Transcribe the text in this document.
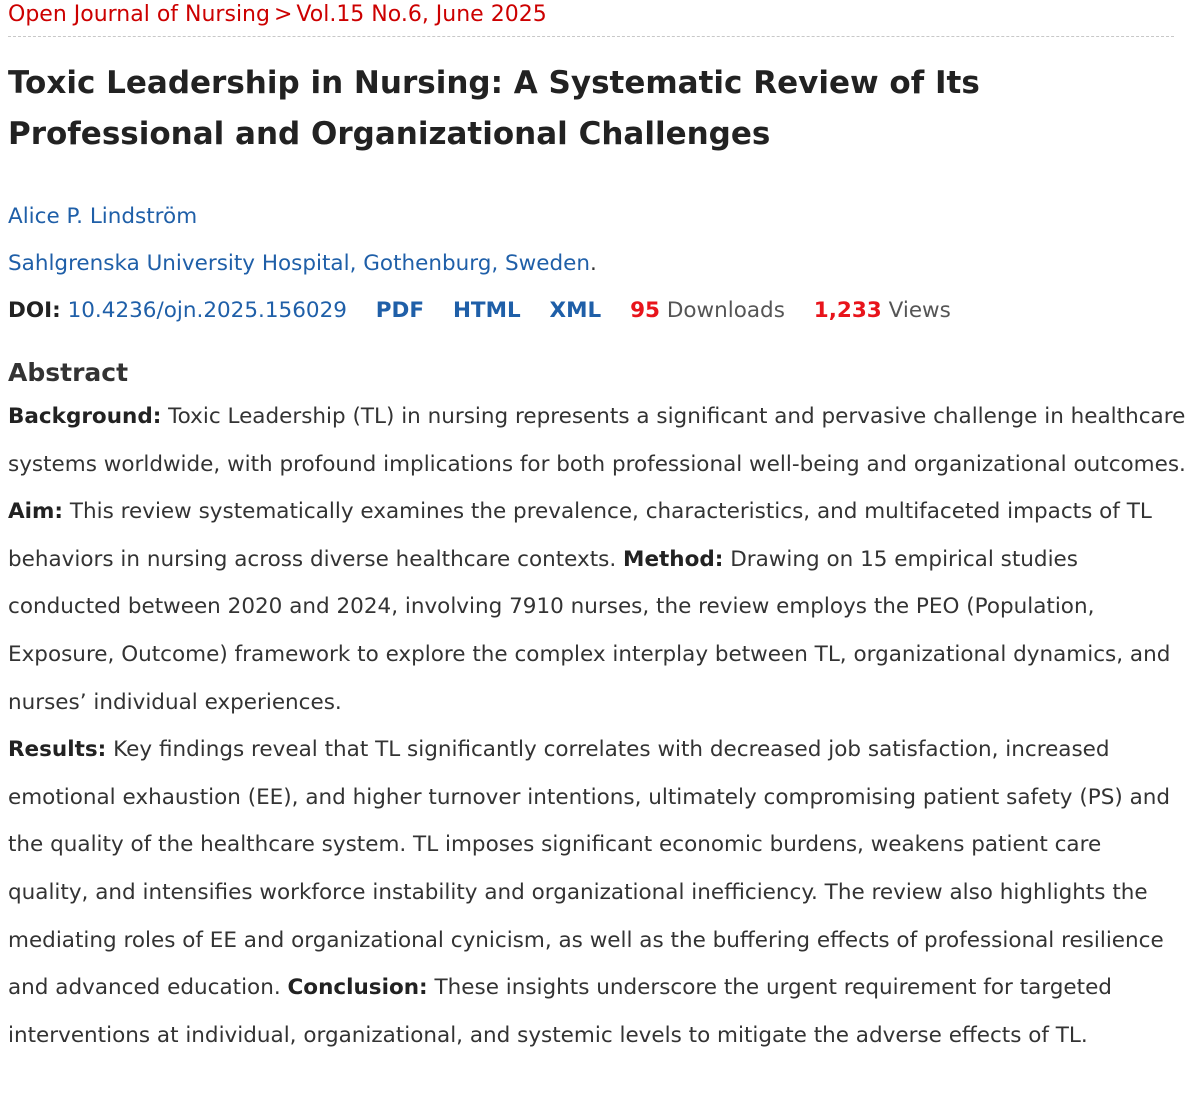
Open Journal of Nursing > Vol.15 No.6, June 2025
Toxic Leadership in Nursing: A Systematic Review of Its Professional and Organizational Challenges
Alice P. Lindström
Sahlgrenska University Hospital, Gothenburg, Sweden.
DOI: 10.4236/ojn.2025.156029 PDF HTML XML 95 Downloads 1,233 Views
Abstract
Background: Toxic Leadership (TL) in nursing represents a significant and pervasive challenge in healthcare systems worldwide, with profound implications for both professional well-being and organizational outcomes. Aim: This review systematically examines the prevalence, characteristics, and multifaceted impacts of TL behaviors in nursing across diverse healthcare contexts. Method: Drawing on 15 empirical studies conducted between 2020 and 2024, involving 7910 nurses, the review employs the PEO (Population, Exposure, Outcome) framework to explore the complex interplay between TL, organizational dynamics, and nurses’ individual experiences.
Results: Key findings reveal that TL significantly correlates with decreased job satisfaction, increased emotional exhaustion (EE), and higher turnover intentions, ultimately compromising patient safety (PS) and the quality of the healthcare system. TL imposes significant economic burdens, weakens patient care quality, and intensifies workforce instability and organizational inefficiency. The review also highlights the mediating roles of EE and organizational cynicism, as well as the buffering effects of professional resilience and advanced education. Conclusion: These insights underscore the urgent requirement for targeted interventions at individual, organizational, and systemic levels to mitigate the adverse effects of TL.
